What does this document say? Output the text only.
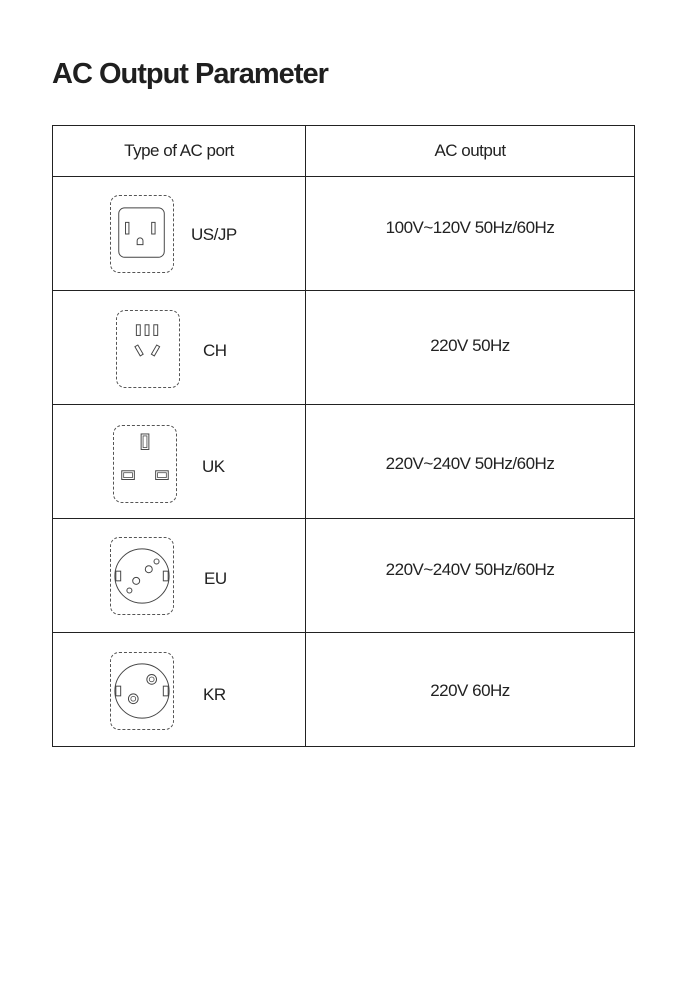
AC Output Parameter
Type of AC port	AC output

US/JP	100V~120V 50Hz/60Hz

CH	220V 50Hz

UK	220V~240V 50Hz/60Hz

EU	220V~240V 50Hz/60Hz

KR	220V 60Hz
